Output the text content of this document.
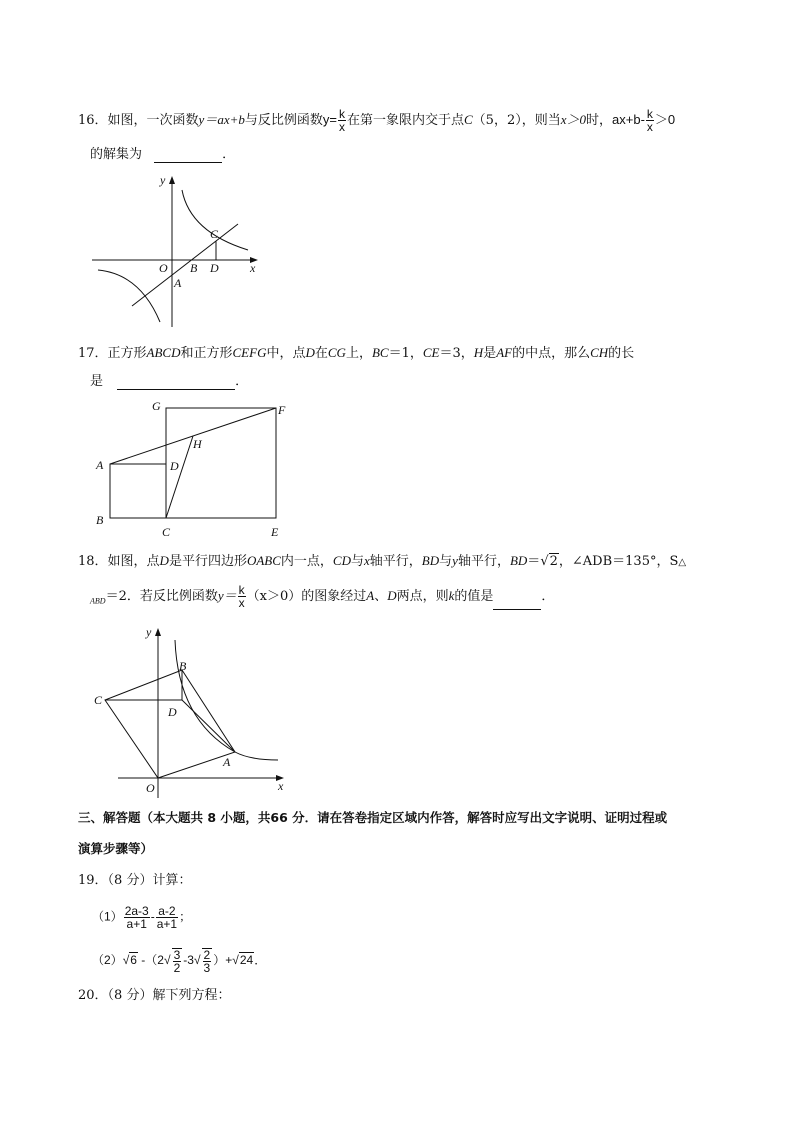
16．如图，一次函数y＝ax+b与反比例函数$y= \frac{k}{x}$ 在第一象限内交于点C（5，2），则当x＞0时，$ax+b- \frac{k}{x} >0$
的解集为	．
y
x
C
O B D
A
17．正方形ABCD和正方形CEFG中，点D在CG上，BC＝1，CE＝3，H是AF的中点，那么CH的长
是	．
G	F
H
A	D
B
C	E
18．如图，点D是平行四边形OABC内一点，CD与x轴平行，BD与y轴平行，BD＝√2，∠ADB＝135°，S△
$_{ABD}$＝2．若反比例函数$y= \frac{k}{x} (x>0)$的图象经过A、D两点，则k的值是	．
y
x
B
C
D
A
O
三、解答题（本大题共 8 小题，共66 分．请在答卷指定区域内作答，解答时应写出文字说明、证明过程或
演算步骤等）
19．（8 分）计算：
$(1) \frac{2a-3}{a+1} - \frac{a-2}{a+1}$ ；
（2）√6 $-(2√ \frac{3}{2} -3√ \frac{2}{3} )+√24$．
20．（8 分）解下列方程：
